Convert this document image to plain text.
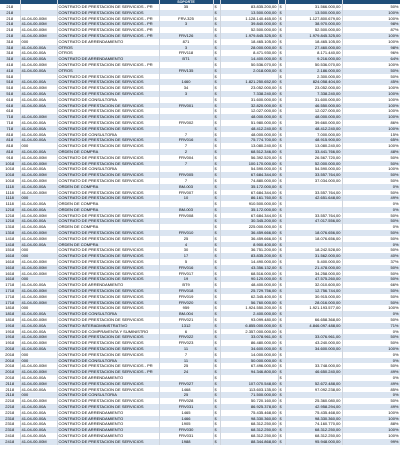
			SOPORTE					
218		CONTRATO DE PRESTACION DE SERVICIOS - PR	35	$	83.835.200,00	$	31.566.000,00	50%
218		CONTRATO DE PRESTACION DE SERVICIOS		$	13.500.000,00	$	13.500.000,00	100%
218	41-04-00-00M	CONTRATO DE PRESTACION DE SERVICIOS - PR	FRV-325	$	1.128.140.465,00	$	1.127.800.679,00	100%
218	41-04-00-00M	CONTRATO DE PRESTACION DE SERVICIOS - PR	3	$	39.840.000,00	$	38.970.000,00	98%
218	41-04-00-00M	CONTRATO DE PRESTACION DE SERVICIOS - PR		$	52.500.000,00	$	52.500.000,00	87%
218	41-04-00-00M	CONTRATO DE PRESTACION DE SERVICIOS - PR	FRV126	$	1.979.845.325,00	$	1.979.845.325,00	100%
318	000	CONTRATO DE ARRENDAMIENTO	871	$	18.465.105,00	$	18.465.105,00	100%
318	41-04-00-00A	OTROS	3	$	28.000.000,00	$	27.460.000,00	98%
318	41-04-00-00A	OTROS	FRV118	$	8.471.930,00	$	8.171.440,00	96%
318	41-04-00-00A	CONTRATO DE ARRENDAMIENTO	BT1	$	14.400.000,00	$	9.216.000,00	64%
418	41-04-00-00M	CONTRATO DE PRESTACION DE SERVICIOS - PR		$	50.536.070,00	$	50.536.070,00	100%
418	41-04-00-00A	OTROS	FRV135	$	2.018.000,00	$	2.186.000,00	50%
518		CONTRATO DE PRESTACION DE SERVICIOS		$		$	2.300.000,00	50%
518	41-04-00-00A	CONTRATO DE PRESTACION DE SERVICIOS	1460	$	1.821.250.652,00	$	824.058.404,00	45%
518	41-04-00-00M	CONTRATO DE PRESTACION DE SERVICIOS	34	$	23.052.000,00	$	23.052.000,00	100%
518	41-04-00-00A	CONTRATO DE PRESTACION DE SERVICIOS	3	$	7.338.240,00	$	7.338.240,00	100%
618	41-04-00-00A	CONTRATO DE CONSULTORIA		$	31.600.000,00	$	31.600.000,00	100%
618	41-04-00-00A	CONTRATO DE PRESTACION DE SERVICIOS	FRV001	$	32.820.000,00	$	46.550.000,00	100%
618		CONTRATO DE PRESTACION DE SERVICIOS		$	12.027.000,00	$	12.027.000,00	100%
718	41-04-00-00M	CONTRATO DE PRESTACION DE SERVICIOS		$	48.000.000,00	$	48.000.000,00	100%
718	41-04-00-00A	CONTRATO DE PRESTACION DE SERVICIOS	FRV002	$	51.980.000,00	$	39.660.000,00	86%
718	41-04-00-00A	CONTRATO DE PRESTACION DE SERVICIOS		$	48.412.240,00	$	48.412.240,00	100%
818	41-04-00-00A	CONTRATO DE CONSULTORIA	7	$	48.000.000,00	$	7.000.000,00	15%
818	41-04-00-00A	CONTRATO DE PRESTACION DE SERVICIOS	FRV016	$	75.774.700,00	$	48.915.900,00	65%
818	000	CONTRATO DE PRESTACION DE SERVICIOS	7	$	13.080.240,00	$	13.080.240,00	100%
818	41-04-00-00A	ORDEN DE COMPRA	2	$	68.512.346,00	$	33.441.766,00	48%
918	41-04-00-00M	CONTRATO DE PRESTACION DE SERVICIOS	FRV004	$	56.392.520,00	$	26.567.720,00	50%
1018	41-04-00-00M	CONTRATO DE PRESTACION DE SERVICIOS	7	$	100.170.000,00	$	52.000.000,00	50%
1018	41-04-00-00A	CONTRATO DE CONSULTORIA		$	54.590.000,00	$	54.590.000,00	100%
1018	41-04-00-00M	CONTRATO DE PRESTACION DE SERVICIOS	FRV005	$	67.684.344,00	$	33.557.764,00	50%
1018	41-04-00-00M	CONTRATO DE PRESTACION DE SERVICIOS	7	$	74.880.000,00	$	37.034.000,00	50%
1118	41-04-00-00A	ORDEN DE COMPRA	BM-003	$	35.172.000,00	$		0%
1118	41-04-00-00M	CONTRATO DE PRESTACION DE SERVICIOS	FRV007	$	67.684.344,00	$	33.557.764,00	50%
1118	000	CONTRATO DE PRESTACION DE SERVICIOS	10	$	86.161.760,00	$	42.651.648,00	49%
1118	41-04-00-00A	ORDEN DE COMPRA		$	910.500.000,00	$		0%
1218	41-04-00-00A	ORDEN DE COMPRA	BM-003	$	35.172.000,00	$		0%
1218	41-04-00-00M	CONTRATO DE PRESTACION DE SERVICIOS	FRV008	$	67.684.344,00	$	33.557.764,00	50%
1218	41-04-00-00A	CONTRATO DE PRESTACION DE SERVICIOS		$	30.345.200,00	$	47.017.556,00	50%
1318	41-04-00-00A	ORDEN DE COMPRA		$	225.000.000,00	$		0%
1318	41-04-00-00M	CONTRATO DE PRESTACION DE SERVICIOS	FRV010	$	36.459.666,00	$	18.076.656,00	50%
1418	41-04-00-00M	CONTRATO DE PRESTACION DE SERVICIOS	25	$	36.459.666,00	$	18.076.656,00	50%
1418	41-04-00-00A	ORDEN DE COMPRA	4	$	8.900.400,00	$		0%
1518	000	CONTRATO DE PRESTACION DE SERVICIOS	30	$	36.751.200,00	$	18.242.528,00	50%
1618	000	CONTRATO DE PRESTACION DE SERVICIOS	17	$	83.835.200,00	$	31.562.000,00	40%
1618	41-04-00-00M	CONTRATO DE PRESTACION DE SERVICIOS	5	$	14.490.000,00	$	5.400.000,00	37%
1618	41-04-00-00M	CONTRATO DE PRESTACION DE SERVICIOS	FRV016	$	43.356.132,00	$	21.478.000,00	50%
1618	41-04-00-00M	CONTRATO DE PRESTACION DE SERVICIOS	FRV017	$	68.516.000,00	$	34.258.000,00	50%
1618	000	CONTRATO DE PRESTACION DE SERVICIOS	19	$	90.120.000,00	$	47.575.260,00	50%
1718	41-04-00-00A	CONTRATO DE ARRENDAMIENTO	BT9	$	48.400.000,00	$	32.010.600,00	66%
1718	41-04-00-00M	CONTRATO DE PRESTACION DE SERVICIOS	FRV018	$	25.729.756,00	$	12.756.744,00	50%
1718	41-04-00-00M	CONTRATO DE PRESTACION DE SERVICIOS	FRV019	$	62.345.400,00	$	30.915.000,00	50%
1718	41-04-00-00M	CONTRATO DE PRESTACION DE SERVICIOS	FRV020	$	56.760.000,00	$	28.016.000,00	50%
1818	000	CONTRATO DE PRESTACION DE SERVICIOS	959	$	1.924.550.200,00	$	1.921.193.577,00	100%
1818	41-04-00-00A	CONTRATO DE CONSULTORIA	BM-004	$	2.400.000,00	$		0%
1818	41-04-00-00M	CONTRATO DE PRESTACION DE SERVICIOS	FRV021	$	93.099.480,00	$	66.658.368,00	50%
1918	41-04-00-00A	CONTRATO INTERADMINISTRATIVO	1312	$	6.855.000.000,00	$	4.846.097.488,00	71%
1918	41-04-00-00A	CONTRATO DE COMPRAVENTA Y SUMINISTRO	6	$	2.357.000.000,00	$		0%
1918	41-04-00-00M	CONTRATO DE PRESTACION DE SERVICIOS	FRV022	$	33.078.961,00	$	33.076.961,00	50%
1918	41-04-00-00M	CONTRATO DE PRESTACION DE SERVICIOS	FRV023	$	86.480.000,00	$	43.240.000,00	50%
2018	41-04-00-00A	CONTRATO DE PRESTACION DE SERVICIOS	11	$	34.600.000,00	$	34.600.000,00	100%
2018	000	CONTRATO DE PRESTACION DE SERVICIOS	7	$	14.000.000,00	$		0%
2018	000	CONTRATO DE CONSULTORIA	11	$	50.000.000,00	$		0%
2018	41-04-00-00M	CONTRATO DE PRESTACION DE SERVICIOS - PR	25	$	67.496.000,00	$	33.748.000,00	50%
2018	41-04-00-00M	CONTRATO DE PRESTACION DE SERVICIOS - PR	24	$	94.346.800,00	$	46.650.240,00	49%
2018	41-04-00-00A	CONTRATO DE ARRENDAMIENTO		$		$		0%
2118	41-04-00-00M	CONTRATO DE PRESTACION DE SERVICIOS	FRV027	$	107.070.548,00	$	52.672.488,00	49%
2118	41-04-00-00A	CONTRATO DE PRESTACION DE SERVICIOS	1468	$	113.603.135,00	$	97.092.238,00	85%
2118	000	CONTRATO DE CONSULTORIA	25	$	71.500.000,00	$		0%
2218	41-04-00-00M	CONTRATO DE PRESTACION DE SERVICIOS	FRV028	$	50.720.160,00	$	25.360.080,00	50%
2218	41-04-00-00A	CONTRATO DE PRESTACION DE SERVICIOS	FRV031	$	86.925.378,00	$	42.958.294,00	49%
2218	41-04-00-00A	CONTRATO DE ARRENDAMIENTO	1465	$	75.435.468,00	$	75.435.468,00	100%
2318	41-04-00-00A	CONTRATO DE ARRENDAMIENTO	1466	$	98.330.360,00	$	98.330.360,00	100%
2318	41-04-00-00A	CONTRATO DE ARRENDAMIENTO	1905	$	68.312.250,00	$	74.160.770,00	88%
2318	41-04-00-00A	CONTRATO DE ARRENDAMIENTO	FRV030	$	68.312.250,00	$	68.312.250,00	100%
2418	41-04-00-00A	CONTRATO DE ARRENDAMIENTO	FRV031	$	68.312.250,00	$	68.312.250,00	100%
2418	41-04-00-00M	CONTRATO DE PRESTACION DE SERVICIOS	1988	$	88.344.868,00	$	95.948.000,00	99%
